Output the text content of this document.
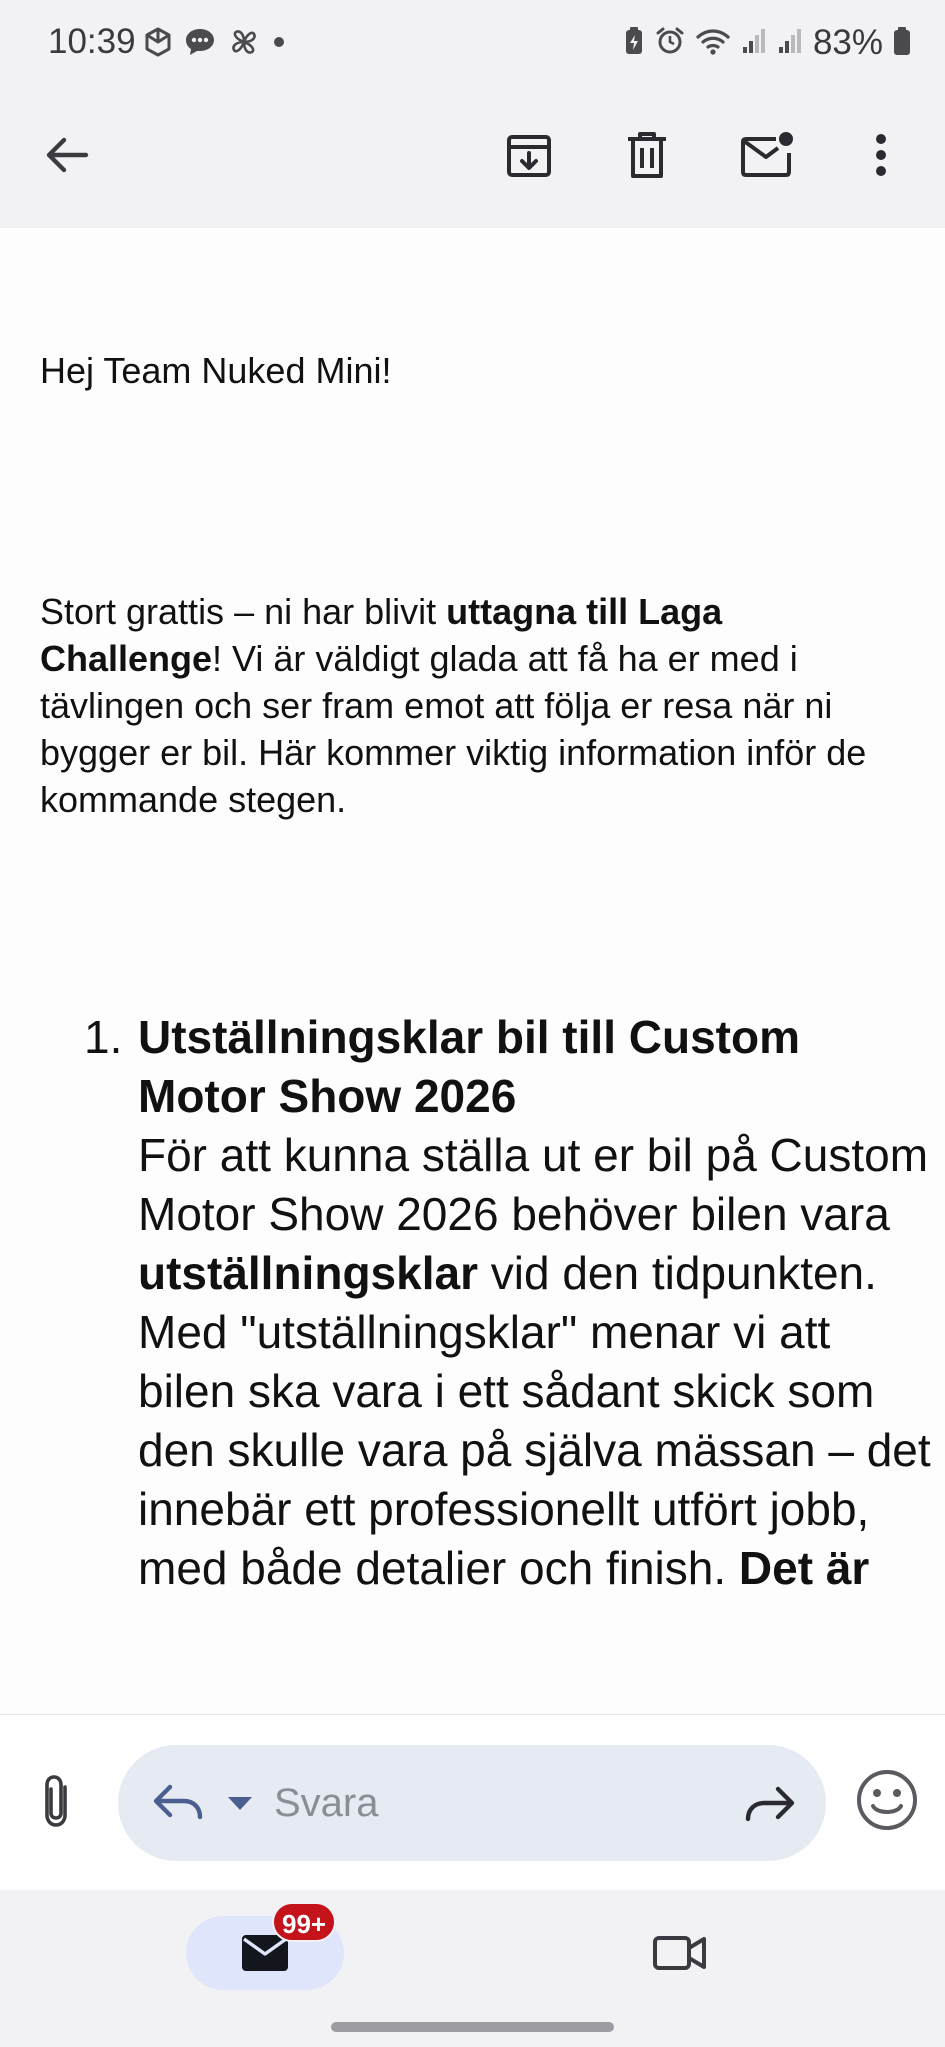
10:39	83%
Hej Team Nuked Mini!
Stort grattis – ni har blivit uttagna till Laga Challenge! Vi är väldigt glada att få ha er med i tävlingen och ser fram emot att följa er resa när ni bygger er bil. Här kommer viktig information inför de kommande stegen.
1. Utställningsklar bil till Custom Motor Show 2026
För att kunna ställa ut er bil på Custom Motor Show 2026 behöver bilen vara utställningsklar vid den tidpunkten. Med "utställningsklar" menar vi att bilen ska vara i ett sådant skick som den skulle vara på själva mässan – det innebär ett professionellt utfört jobb, med både detalier och finish. Det är
Svara
99+
